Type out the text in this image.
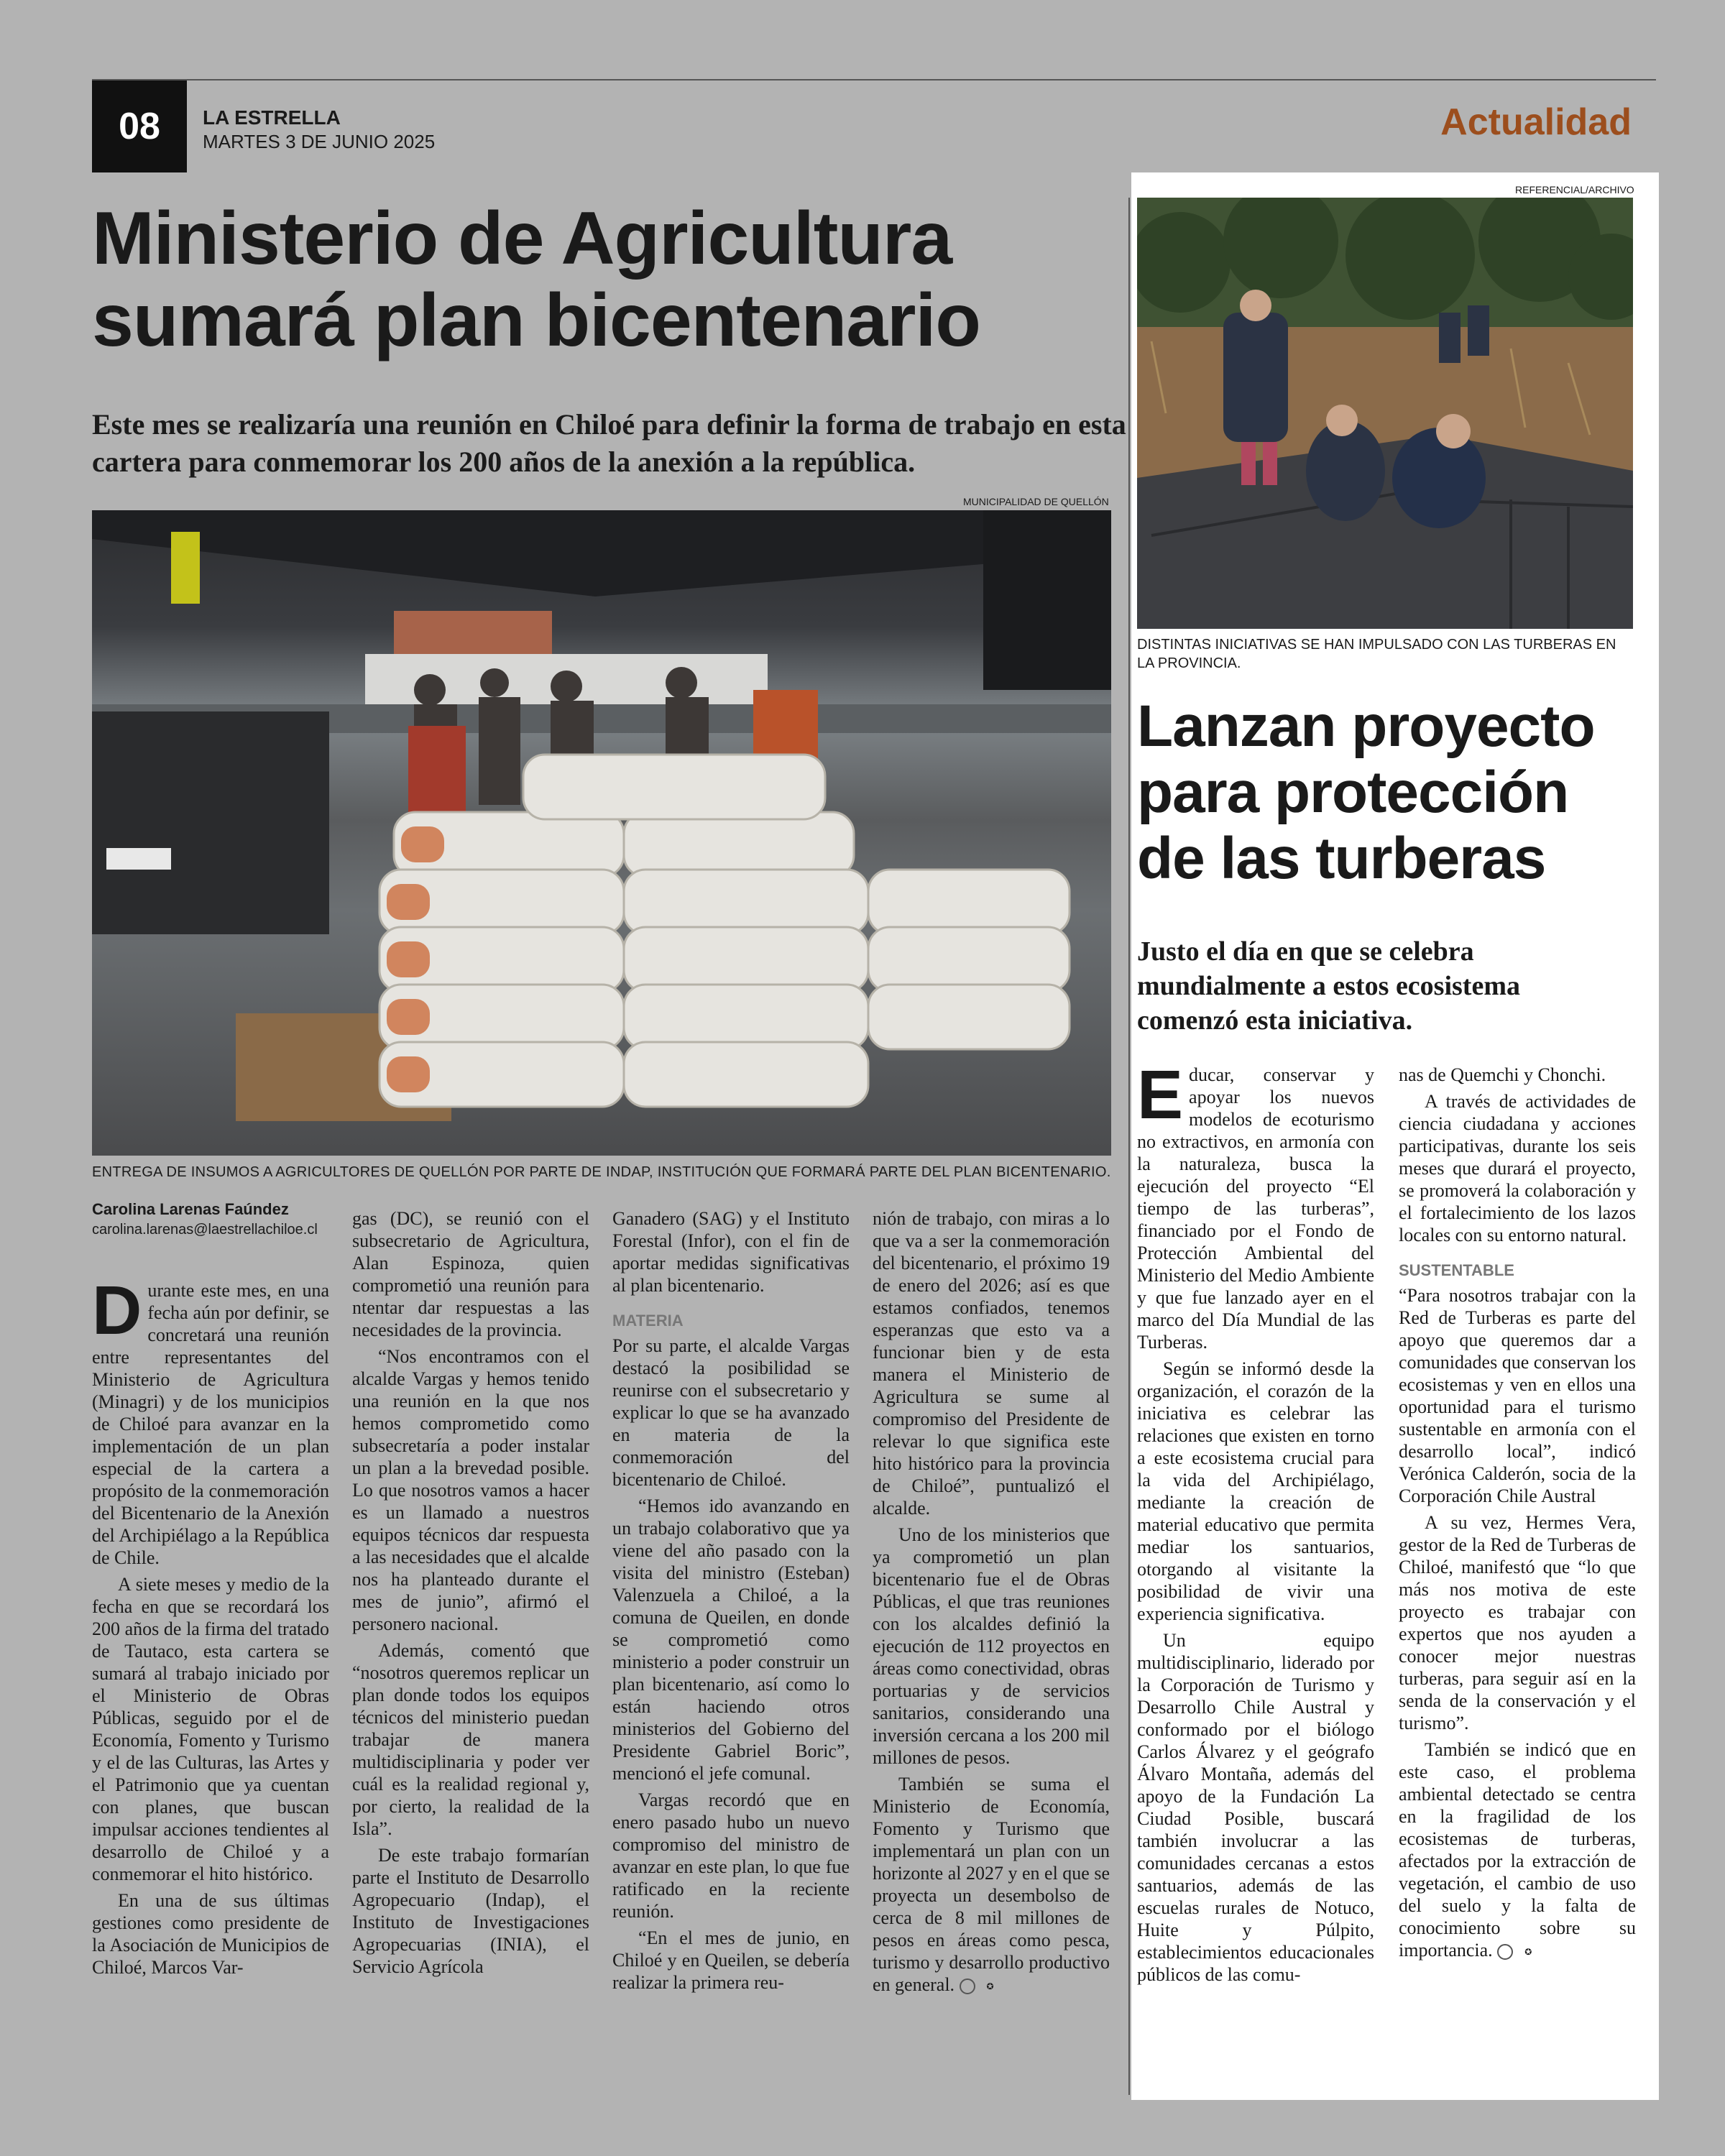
08	LA ESTRELLA
MARTES 3 DE JUNIO 2025	Actualidad
Ministerio de Agricultura sumará plan bicentenario
Este mes se realizaría una reunión en Chiloé para definir la forma de trabajo en esta cartera para conmemorar los 200 años de la anexión a la república.
MUNICIPALIDAD DE QUELLÓN
ENTREGA DE INSUMOS A AGRICULTORES DE QUELLÓN POR PARTE DE INDAP, INSTITUCIÓN QUE FORMARÁ PARTE DEL PLAN BICENTENARIO.
Carolina Larenas Faúndez
carolina.larenas@laestrellachiloe.cl

Durante este mes, en una fecha aún por definir, se concretará una reunión entre representantes del Ministerio de Agricultura (Minagri) y de los municipios de Chiloé para avanzar en la implementación de un plan especial de la cartera a propósito de la conmemoración del Bicentenario de la Anexión del Archipiélago a la República de Chile.

A siete meses y medio de la fecha en que se recordará los 200 años de la firma del tratado de Tautaco, esta cartera se sumará al trabajo iniciado por el Ministerio de Obras Públicas, seguido por el de Economía, Fomento y Turismo y el de las Culturas, las Artes y el Patrimonio que ya cuentan con planes, que buscan impulsar acciones tendientes al desarrollo de Chiloé y a conmemorar el hito histórico.

En una de sus últimas gestiones como presidente de la Asociación de Municipios de Chiloé, Marcos Var-

gas (DC), se reunió con el subsecretario de Agricultura, Alan Espinoza, quien comprometió una reunión para ntentar dar respuestas a las necesidades de la provincia.

“Nos encontramos con el alcalde Vargas y hemos tenido una reunión en la que nos hemos comprometido como subsecretaría a poder instalar un plan a la brevedad posible. Lo que nosotros vamos a hacer es un llamado a nuestros equipos técnicos dar respuesta a las necesidades que el alcalde nos ha planteado durante el mes de junio”, afirmó el personero nacional.

Además, comentó que “nosotros queremos replicar un plan donde todos los equipos técnicos del ministerio puedan trabajar de manera multidisciplinaria y poder ver cuál es la realidad regional y, por cierto, la realidad de la Isla”.

De este trabajo formarían parte el Instituto de Desarrollo Agropecuario (Indap), el Instituto de Investigaciones Agropecuarias (INIA), el Servicio Agrícola

Ganadero (SAG) y el Instituto Forestal (Infor), con el fin de aportar medidas significativas al plan bicentenario.

MATERIA

Por su parte, el alcalde Vargas destacó la posibilidad se reunirse con el subsecretario y explicar lo que se ha avanzado en materia de la conmemoración del bicentenario de Chiloé.

“Hemos ido avanzando en un trabajo colaborativo que ya viene del año pasado con la visita del ministro (Esteban) Valenzuela a Chiloé, a la comuna de Queilen, en donde se comprometió como ministerio a poder construir un plan bicentenario, así como lo están haciendo otros ministerios del Gobierno del Presidente Gabriel Boric”, mencionó el jefe comunal.

Vargas recordó que en enero pasado hubo un nuevo compromiso del ministro de avanzar en este plan, lo que fue ratificado en la reciente reunión.

“En el mes de junio, en Chiloé y en Queilen, se debería realizar la primera reu-

nión de trabajo, con miras a lo que va a ser la conmemoración del bicentenario, el próximo 19 de enero del 2026; así es que estamos confiados, tenemos esperanzas que esto va a funcionar bien y de esta manera el Ministerio de Agricultura se sume al compromiso del Presidente de relevar lo que significa este hito histórico para la provincia de Chiloé”, puntualizó el alcalde.

Uno de los ministerios que ya comprometió un plan bicentenario fue el de Obras Públicas, el que tras reuniones con los alcaldes definió la ejecución de 112 proyectos en áreas como conectividad, obras portuarias y de servicios sanitarios, considerando una inversión cercana a los 200 mil millones de pesos.

También se suma el Ministerio de Economía, Fomento y Turismo que implementará un plan con un horizonte al 2027 y en el que se proyecta un desembolso de cerca de 8 mil millones de pesos en áreas como pesca, turismo y desarrollo productivo en general.	✪

REFERENCIAL/ARCHIVO
DISTINTAS INICIATIVAS SE HAN IMPULSADO CON LAS TURBERAS EN LA PROVINCIA.
Lanzan proyecto para protección de las turberas
Justo el día en que se celebra mundialmente a estos ecosistema comenzó esta iniciativa.

Educar, conservar y apoyar los nuevos modelos de ecoturismo no extractivos, en armonía con la naturaleza, busca la ejecución del proyecto “El tiempo de las turberas”, financiado por el Fondo de Protección Ambiental del Ministerio del Medio Ambiente y que fue lanzado ayer en el marco del Día Mundial de las Turberas.

Según se informó desde la organización, el corazón de la iniciativa es celebrar las relaciones que existen en torno a este ecosistema crucial para la vida del Archipiélago, mediante la creación de material educativo que permita mediar los santuarios, otorgando al visitante la posibilidad de vivir una experiencia significativa.

Un equipo multidisciplinario, liderado por la Corporación de Turismo y Desarrollo Chile Austral y conformado por el biólogo Carlos Álvarez y el geógrafo Álvaro Montaña, además del apoyo de la Fundación La Ciudad Posible, buscará también involucrar a las comunidades cercanas a estos santuarios, además de las escuelas rurales de Notuco, Huite y Púlpito, establecimientos educacionales públicos de las comu-

nas de Quemchi y Chonchi.

A través de actividades de ciencia ciudadana y acciones participativas, durante los seis meses que durará el proyecto, se promoverá la colaboración y el fortalecimiento de los lazos locales con su entorno natural.

SUSTENTABLE

“Para nosotros trabajar con la Red de Turberas es parte del apoyo que queremos dar a comunidades que conservan los ecosistemas y ven en ellos una oportunidad para el turismo sustentable en armonía con el desarrollo local”, indicó Verónica Calderón, socia de la Corporación Chile Austral

A su vez, Hermes Vera, gestor de la Red de Turberas de Chiloé, manifestó que “lo que más nos motiva de este proyecto es trabajar con expertos que nos ayuden a conocer mejor nuestras turberas, para seguir así en la senda de la conservación y el turismo”.

También se indicó que en este caso, el problema ambiental detectado se centra en la fragilidad de los ecosistemas de turberas, afectados por la extracción de vegetación, el cambio de uso del suelo y la falta de conocimiento sobre su importancia.	✪
